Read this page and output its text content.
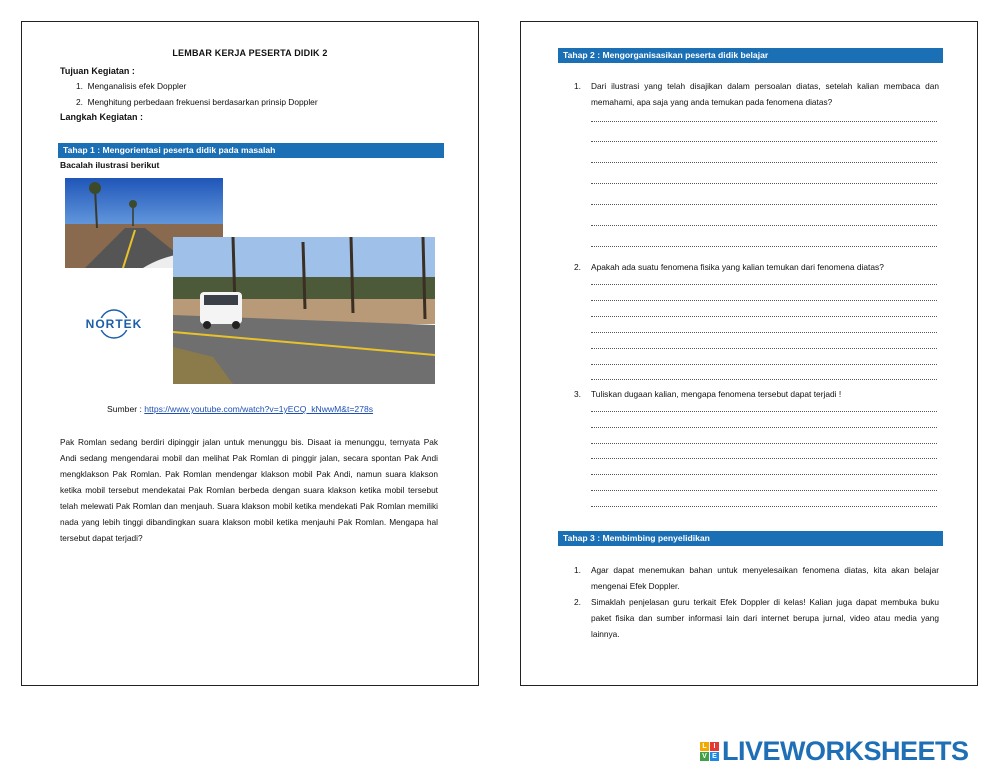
LEMBAR KERJA PESERTA DIDIK 2
Tujuan Kegiatan :
1.  Menganalisis efek Doppler
2.  Menghitung perbedaan frekuensi berdasarkan prinsip Doppler
Langkah Kegiatan :
Tahap 1 : Mengorientasi peserta didik pada masalah
Bacalah ilustrasi berikut
NORTEK
Sumber : https://www.youtube.com/watch?v=1yECQ_kNwwM&t=278s
Pak Romlan sedang berdiri dipinggir jalan untuk menunggu bis. Disaat ia menunggu, ternyata Pak Andi sedang mengendarai mobil dan melihat Pak Romlan di pinggir jalan, secara spontan Pak Andi mengklakson Pak Romlan. Pak Romlan mendengar klakson mobil Pak Andi, namun suara klakson ketika mobil tersebut mendekatai Pak Romlan berbeda dengan suara klakson ketika mobil tersebut telah melewati Pak Romlan dan menjauh. Suara klakson mobil ketika mendekati Pak Romlan memiliki nada yang lebih tinggi dibandingkan suara klakson mobil ketika menjauhi Pak Romlan. Mengapa hal tersebut dapat terjadi?
Tahap 2 : Mengorganisasikan peserta didik belajar
1. Dari ilustrasi yang telah disajikan dalam persoalan diatas, setelah kalian membaca dan memahami, apa saja yang anda temukan pada fenomena diatas?
2. Apakah ada suatu fenomena fisika yang kalian temukan dari fenomena diatas?
3. Tuliskan dugaan kalian, mengapa fenomena tersebut dapat terjadi !
Tahap 3 : Membimbing penyelidikan
1. Agar dapat menemukan bahan untuk menyelesaikan fenomena diatas, kita akan belajar mengenai Efek Doppler.
2. Simaklah penjelasan guru terkait Efek Doppler di kelas! Kalian juga dapat membuka buku paket fisika dan sumber informasi lain dari internet berupa jurnal, video atau media yang lainnya.
L I
V E LIVEWORKSHEETS
